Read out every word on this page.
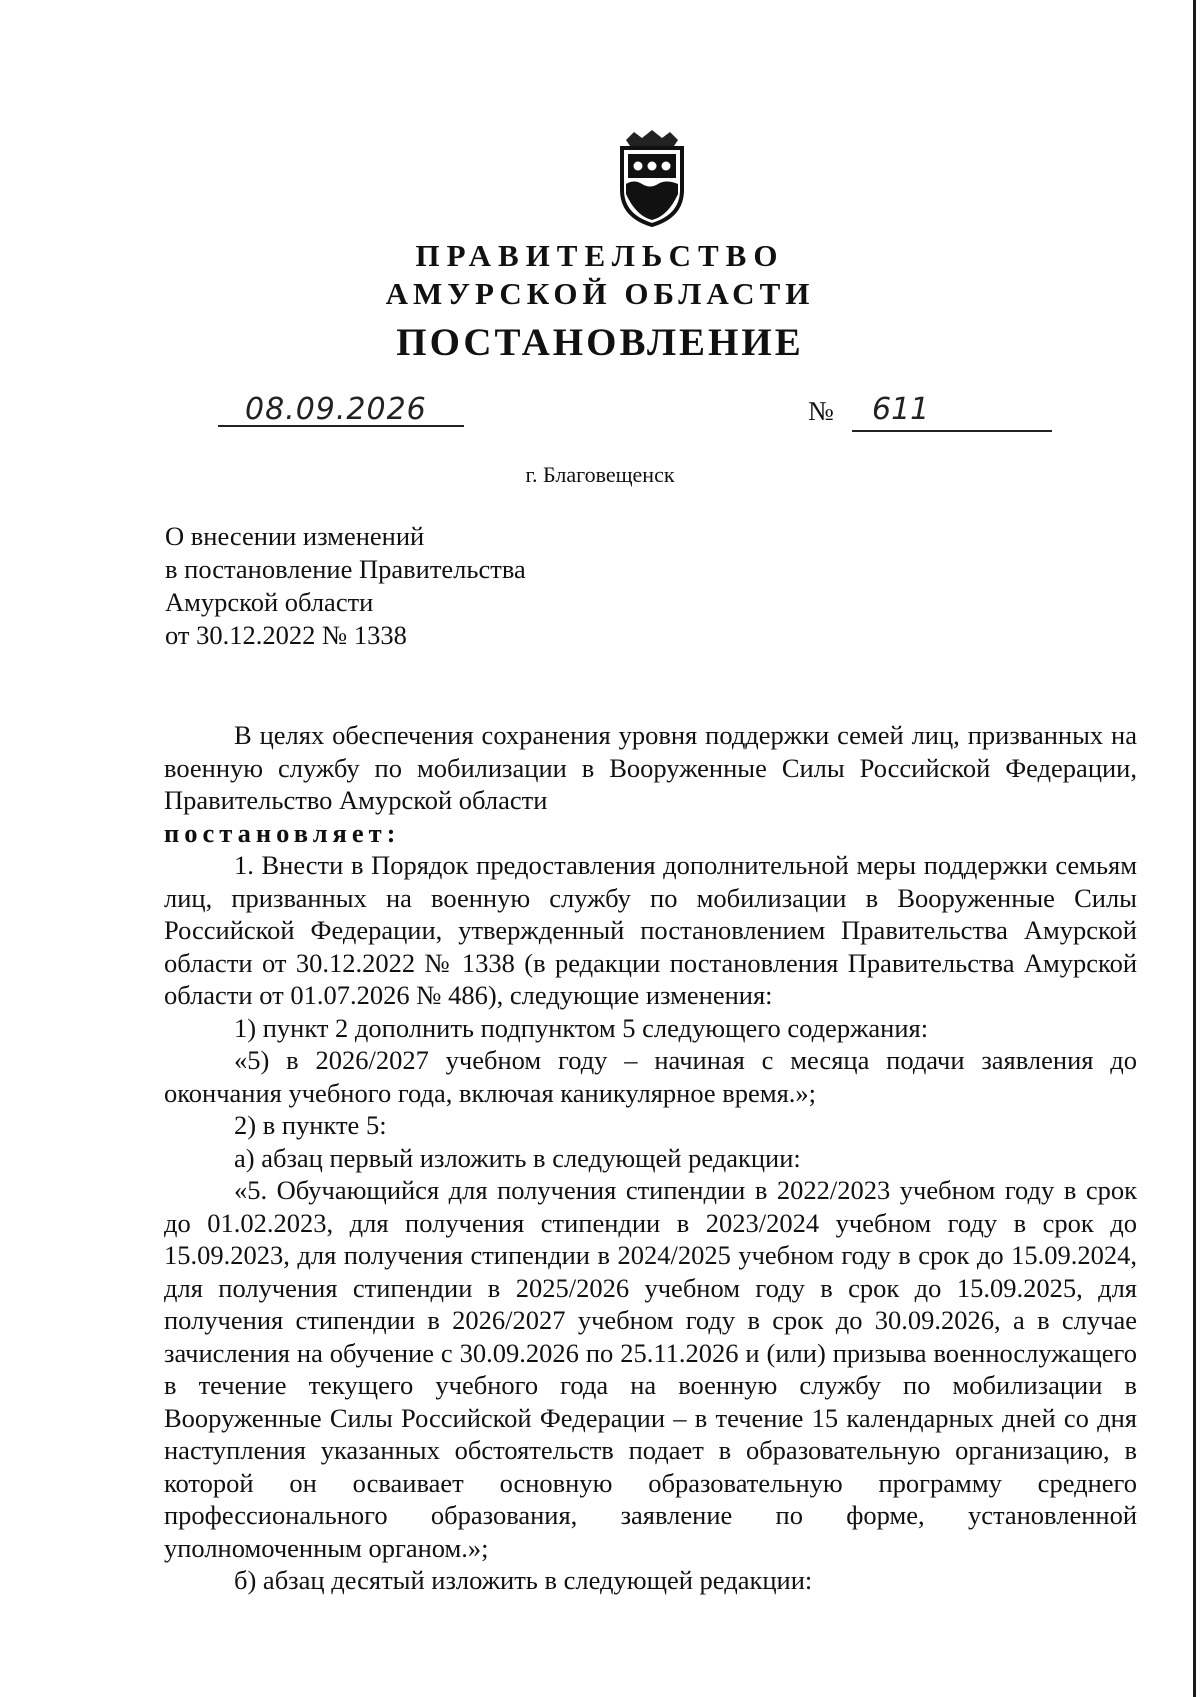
ПРАВИТЕЛЬСТВО
АМУРСКОЙ ОБЛАСТИ
ПОСТАНОВЛЕНИЕ
08.09.2026	№ 611
г. Благовещенск
О внесении изменений
в постановление Правительства
Амурской области
от 30.12.2022 № 1338

В целях обеспечения сохранения уровня поддержки семей лиц, призванных на военную службу по мобилизации в Вооруженные Силы Российской Федерации, Правительство Амурской области

постановляет:

1. Внести в Порядок предоставления дополнительной меры поддержки семьям лиц, призванных на военную службу по мобилизации в Вооруженные Силы Российской Федерации, утвержденный постановлением Правительства Амурской области от 30.12.2022 № 1338 (в редакции постановления Правительства Амурской области от 01.07.2026 № 486), следующие изменения:

1) пункт 2 дополнить подпунктом 5 следующего содержания:

«5) в 2026/2027 учебном году – начиная с месяца подачи заявления до окончания учебного года, включая каникулярное время.»;

2) в пункте 5:

а) абзац первый изложить в следующей редакции:

«5. Обучающийся для получения стипендии в 2022/2023 учебном году в срок до 01.02.2023, для получения стипендии в 2023/2024 учебном году в срок до 15.09.2023, для получения стипендии в 2024/2025 учебном году в срок до 15.09.2024, для получения стипендии в 2025/2026 учебном году в срок до 15.09.2025, для получения стипендии в 2026/2027 учебном году в срок до 30.09.2026, а в случае зачисления на обучение с 30.09.2026 по 25.11.2026 и (или) призыва военнослужащего в течение текущего учебного года на военную службу по мобилизации в Вооруженные Силы Российской Федерации – в течение 15 календарных дней со дня наступления указанных обстоятельств подает в образовательную организацию, в которой он осваивает основную образовательную программу среднего профессионального образования, заявление по форме, установленной уполномоченным органом.»;

б) абзац десятый изложить в следующей редакции:
